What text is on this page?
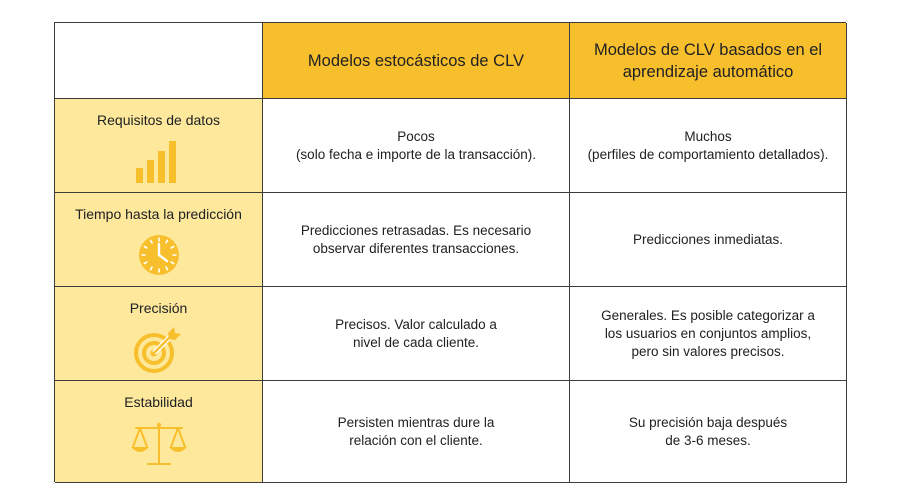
Modelos estocásticos de CLV
Modelos de CLV basados en el aprendizaje automático
Requisitos de datos
Pocos
(solo fecha e importe de la transacción).
Muchos
(perfiles de comportamiento detallados).
Tiempo hasta la predicción
Predicciones retrasadas. Es necesario
observar diferentes transacciones.
Predicciones inmediatas.
Precisión
Precisos. Valor calculado a
nivel de cada cliente.
Generales. Es posible categorizar a
los usuarios en conjuntos amplios,
pero sin valores precisos.
Estabilidad
Persisten mientras dure la
relación con el cliente.
Su precisión baja después
de 3-6 meses.
